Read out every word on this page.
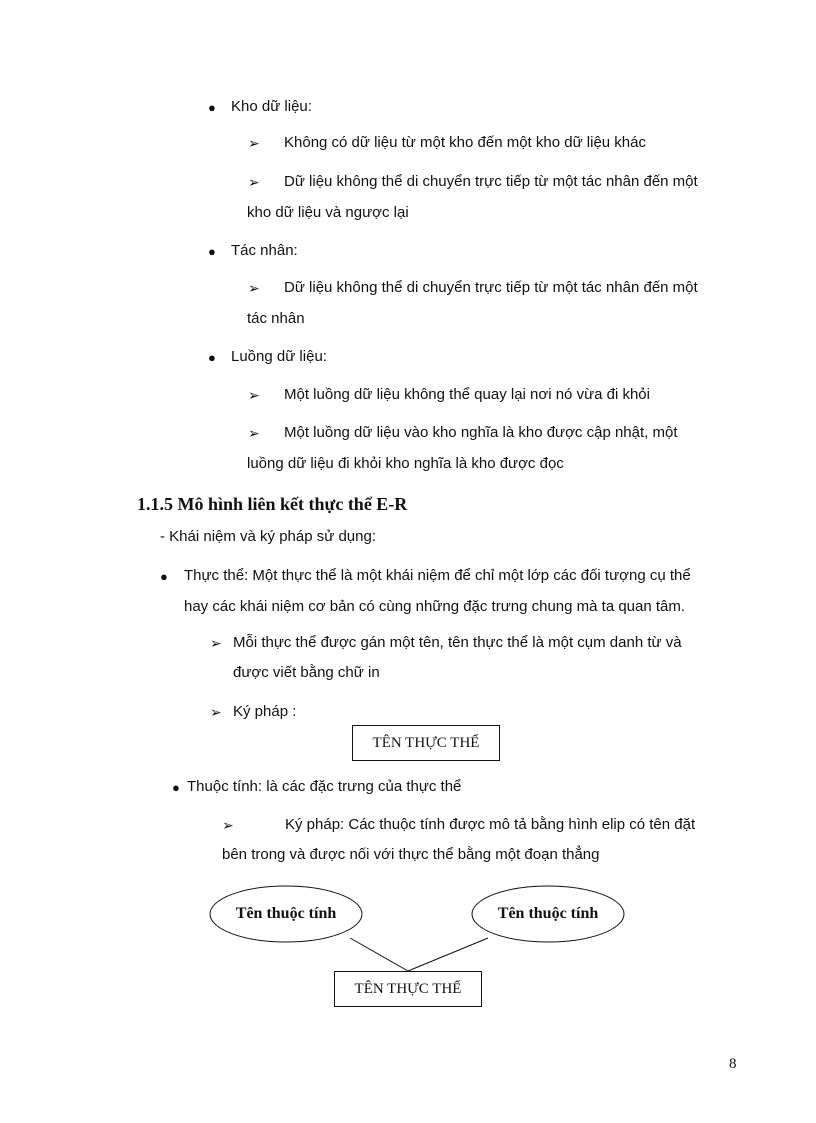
● Kho dữ liệu:
➢ Không có dữ liệu từ một kho đến một kho dữ liệu khác
➢ Dữ liệu không thể di chuyển trực tiếp từ một tác nhân đến một
kho dữ liệu và ngược lại
● Tác nhân:
➢ Dữ liệu không thể di chuyển trực tiếp từ một tác nhân đến một
tác nhân
● Luồng dữ liệu:
➢ Một luồng dữ liệu không thể quay lại nơi nó vừa đi khỏi
➢ Một luồng dữ liệu vào kho nghĩa là kho được cập nhật, một
luồng dữ liệu đi khỏi kho nghĩa là kho được đọc
1.1.5 Mô hình liên kết thực thể E-R
- Khái niệm và ký pháp sử dụng:
● Thực thể: Một thực thể là một khái niệm để chỉ một lớp các đối tượng cụ thể
hay các khái niệm cơ bản có cùng những đặc trưng chung mà ta quan tâm.
➢ Mỗi thực thể được gán một tên, tên thực thể là một cụm danh từ và
được viết bằng chữ in
➢ Ký pháp :
TÊN THỰC THỂ
● Thuộc tính: là các đặc trưng của thực thể
➢	Ký pháp: Các thuộc tính được mô tả bằng hình elip có tên đặt
bên trong và được nối với thực thể bằng một đoạn thẳng
Tên thuộc tính	Tên thuộc tính
TÊN THỰC THỂ
8
